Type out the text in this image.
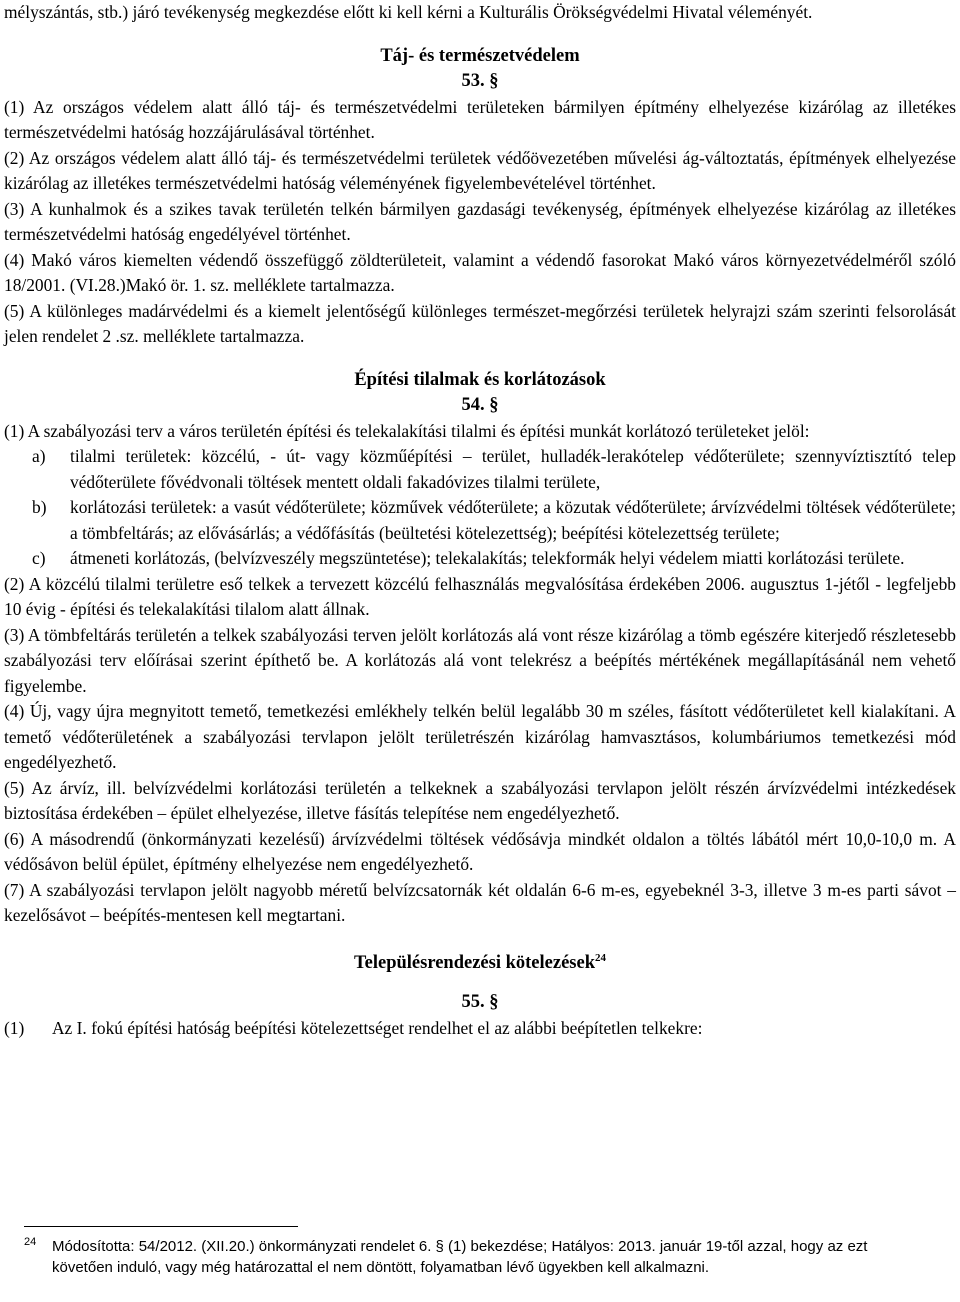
mélyszántás, stb.) járó tevékenység megkezdése előtt ki kell kérni a Kulturális Örökségvédelmi Hivatal véleményét.

Táj- és természetvédelem

53. §

(1) Az országos védelem alatt álló táj- és természetvédelmi területeken bármilyen építmény elhelyezése kizárólag az illetékes természetvédelmi hatóság hozzájárulásával történhet.

(2) Az országos védelem alatt álló táj- és természetvédelmi területek védőövezetében művelési ág-változtatás, építmények elhelyezése kizárólag az illetékes természetvédelmi hatóság véleményének figyelembevételével történhet.

(3) A kunhalmok és a szikes tavak területén telkén bármilyen gazdasági tevékenység, építmények elhelyezése kizárólag az illetékes természetvédelmi hatóság engedélyével történhet.

(4) Makó város kiemelten védendő összefüggő zöldterületeit, valamint a védendő fasorokat Makó város környezetvédelméről szóló 18/2001. (VI.28.)Makó ör. 1. sz. melléklete tartalmazza.

(5) A különleges madárvédelmi és a kiemelt jelentőségű különleges természet-megőrzési területek helyrajzi szám szerinti felsorolását jelen rendelet 2 .sz. melléklete tartalmazza.

Építési tilalmak és korlátozások

54. §

(1) A szabályozási terv a város területén építési és telekalakítási tilalmi és építési munkát korlátozó területeket jelöl:

a) tilalmi területek: közcélú, - út- vagy közműépítési – terület, hulladék-lerakótelep védőterülete; szennyvíztisztító telep védőterülete fővédvonali töltések mentett oldali fakadóvizes tilalmi területe,
b) korlátozási területek: a vasút védőterülete; közművek védőterülete; a közutak védőterülete; árvízvédelmi töltések védőterülete; a tömbfeltárás; az elővásárlás; a védőfásítás (beültetési kötelezettség); beépítési kötelezettség területe;
c) átmeneti korlátozás, (belvízveszély megszüntetése); telekalakítás; telekformák helyi védelem miatti korlátozási területe.

(2) A közcélú tilalmi területre eső telkek a tervezett közcélú felhasználás megvalósítása érdekében 2006. augusztus 1-jétől - legfeljebb 10 évig - építési és telekalakítási tilalom alatt állnak.

(3) A tömbfeltárás területén a telkek szabályozási terven jelölt korlátozás alá vont része kizárólag a tömb egészére kiterjedő részletesebb szabályozási terv előírásai szerint építhető be. A korlátozás alá vont telekrész a beépítés mértékének megállapításánál nem vehető figyelembe.

(4) Új, vagy újra megnyitott temető, temetkezési emlékhely telkén belül legalább 30 m széles, fásított védőterületet kell kialakítani. A temető védőterületének a szabályozási tervlapon jelölt területrészén kizárólag hamvasztásos, kolumbáriumos temetkezési mód engedélyezhető.

(5) Az árvíz, ill. belvízvédelmi korlátozási területén a telkeknek a szabályozási tervlapon jelölt részén árvízvédelmi intézkedések biztosítása érdekében – épület elhelyezése, illetve fásítás telepítése nem engedélyezhető.

(6) A másodrendű (önkormányzati kezelésű) árvízvédelmi töltések védősávja mindkét oldalon a töltés lábától mért 10,0-10,0 m. A védősávon belül épület, építmény elhelyezése nem engedélyezhető.

(7) A szabályozási tervlapon jelölt nagyobb méretű belvízcsatornák két oldalán 6-6 m-es, egyebeknél 3-3, illetve 3 m-es parti sávot – kezelősávot – beépítés-mentesen kell megtartani.

Településrendezési kötelezések$^{24}$

55. §

(1) Az I. fokú építési hatóság beépítési kötelezettséget rendelhet el az alábbi beépítetlen telkekre:
24 Módosította: 54/2012. (XII.20.) önkormányzati rendelet 6. § (1) bekezdése; Hatályos: 2013. január 19-től azzal, hogy az ezt követően induló, vagy még határozattal el nem döntött, folyamatban lévő ügyekben kell alkalmazni.
